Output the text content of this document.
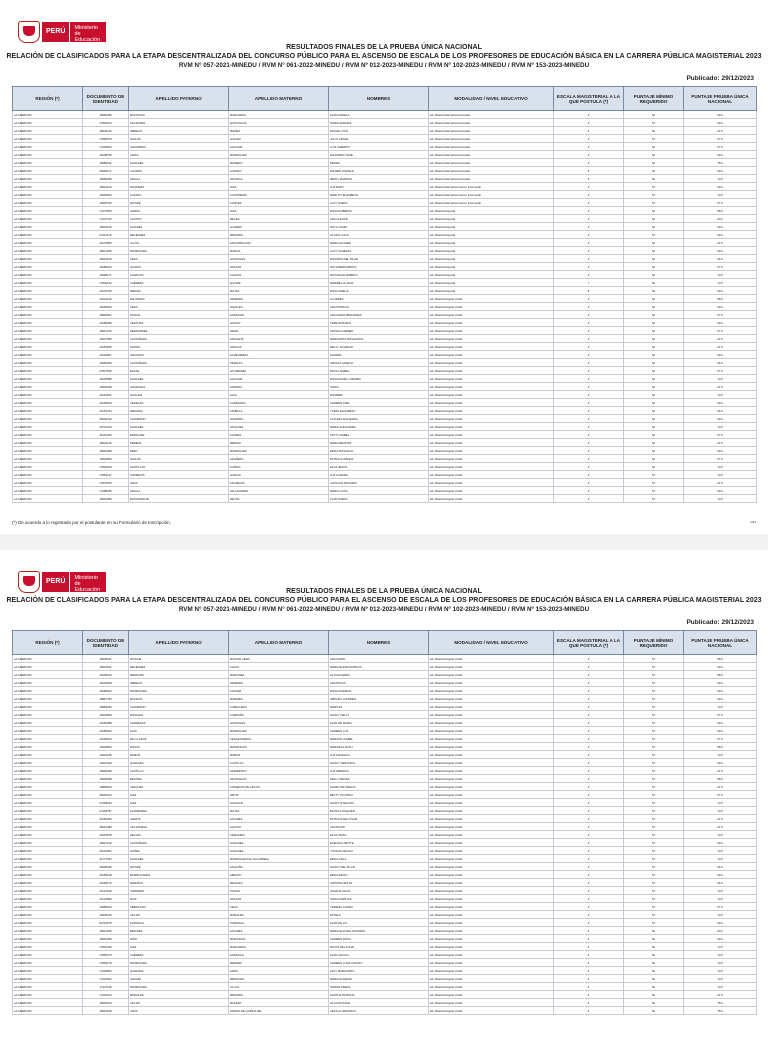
PERÚ	Ministerio de Educación
RESULTADOS FINALES DE LA PRUEBA ÚNICA NACIONAL
RELACIÓN DE CLASIFICADOS PARA LA ETAPA DESCENTRALIZADA DEL CONCURSO PÚBLICO PARA EL ASCENSO DE ESCALA DE LOS PROFESORES DE EDUCACIÓN BÁSICA EN LA CARRERA PÚBLICA MAGISTERIAL 2023
RVM N° 057-2021-MINEDU / RVM N° 061-2022-MINEDU / RVM Nº 012-2023-MINEDU / RVM Nº 102-2023-MINEDU / RVM Nº 153-2023-MINEDU
Publicado: 29/12/2023
REGIÓN (*)	DOCUMENTO DE IDENTIDAD	APELLIDO PATERNO	APELLIDO MATERNO	NOMBRES	MODALIDAD / NIVEL EDUCATIVO	ESCALA MAGISTERIAL A LA QUE POSTULA (*)	PUNTAJE MÍNIMO REQUERIDO	PUNTAJE PRUEBA ÚNICA NACIONAL
LA LIBERTAD	18090086	MONTALVA	MARCHENA	FLOR ANGELA	EA. Básica Alternativa Avanzado	3	54	69.0
LA LIBERTAD	17881194	SILVESTRE	QUIPUSCOA	DORIS AMANDA	EA. Básica Alternativa Avanzado	3	57	69.0
LA LIBERTAD	18033110	OBREGO	IBAÑEZ	MIGUEL IVAN	EA. Básica Alternativa Avanzado	4	60	64.5
LA LIBERTAD	17868578	AVALOS	GALVEZ	JULIO CESAR	EA. Básica Alternativa Avanzado	3	57	67.5
LA LIBERTAD	17929526	CHAVARRIA	AGUILAR	LUIS ALBERTO	EA. Básica Alternativa Avanzado	3	54	67.5
LA LIBERTAD	18138756	ARIAS	RODRIGUEZ	WILFREDO JOSE	EA. Básica Alternativa Avanzado	3	54	69.0
LA LIBERTAD	18085191	SANCHEZ	ROMERO	PEDRO	EA. Básica Alternativa Avanzado	3	54	78.0
LA LIBERTAD	26966171	CUADRA	LOZANO	WILMER OSWALD	EA. Básica Alternativa Avanzado	6	66	69.0
LA LIBERTAD	18089298	ZAVALA	ODONGA	JENNY MARISOL	EA. Básica Alternativa Avanzado	5	60	70.5
LA LIBERTAD	18042160	ROQUERS	DIAZ	LUZ MARY	EA. Básica Alternativa Inicial / Intermedio	3	57	69.0
LA LIBERTAD	19036064	LOZANO	CASTAÑEDA	MARLITT ELIZABETH	EA. Básica Alternativa Inicial / Intermedio	3	57	70.5
LA LIBERTAD	19525790	QUISPE	CORTEZ	LUCY NOEMI	EA. Básica Alternativa Inicial / Intermedio	3	57	57.0
LA LIBERTAD	17974506	HORNA	DIAZ	ROSA ROBERTA	EA. Básica Especial	3	54	58.5
LA LIBERTAD	17937742	CASTRO	REYES	ANA CLEOFÉ	EA. Básica Especial	3	54	63.0
LA LIBERTAD	18094136	ALVAREZ	LINARES	RUTH JANET	EA. Básica Especial	3	54	60.0
LA LIBERTAD	27244175	MELENDEZ	MIRANDA	GLORIA JULIA	EA. Básica Especial	3	57	60.0
LA LIBERTAD	41279055	ULLOA	ENCARNACION	MARIA ESTHER	EA. Básica Especial	3	54	64.5
LA LIBERTAD	18011265	RODRIGUEZ	MURGA	LUCY VANESSA	EA. Básica Especial	3	54	69.0
LA LIBERTAD	18222150	VEGA	GONZALES	ROSARIO DEL PILAR	EA. Básica Especial	3	54	66.0
LA LIBERTAD	18180153	QUIROS	PASTOR	RUTH BERNARDITA	EA. Básica Especial	3	54	67.5
LA LIBERTAD	19098171	ALARCON	CALDAS	ROXANA ELIZABETH	EA. Básica Especial	3	54	70.5
LA LIBERTAD	17836132	CABRERA	QUISPE	MARIBEL LILIANA	EA. Básica Especial	7	60	73.5
LA LIBERTAD	19133766	MEDINA	ROJAS	ROSA AMELIA	EA. Básica Especial	8	69	69.0
LA LIBERTAD	40434129	PALOMINO	PAREDES	LOURDES	EA. Básica Regular Inicial	3	54	58.5
LA LIBERTAD	18168939	VEGA	NAVALES	ANA PATRICIA	EA. Básica Regular Inicial	3	54	60.0
LA LIBERTAD	18993601	PONCE	ESPINOZA	ANA MARIA MERCEDES	EA. Básica Regular Inicial	3	54	67.5
LA LIBERTAD	19188390	VENTURA	HUATAY	TERE ROSARIO	EA. Básica Regular Inicial	3	54	60.0
LA LIBERTAD	18211729	HERNANDEZ	NEIRA	SOPHIA CARMEN	EA. Básica Regular Inicial	3	54	67.0
LA LIBERTAD	19027058	CASTAÑEDA	ZAVALETA	MARGARITA ROSALINDA	EA. Básica Regular Inicial	3	54	64.5
LA LIBERTAD	19153695	ZAPATA	VARGAS	MELLY SOLEDAD	EA. Básica Regular Inicial	3	54	61.5
LA LIBERTAD	19102687	CRUZADO	ECHEVERRIA	SANDRA	EA. Básica Regular Inicial	3	54	69.0
LA LIBERTAD	19065290	CASTAÑEDA	PERALTA	URSULA JANETH	EA. Básica Regular Inicial	3	54	66.0
LA LIBERTAD	27847539	BAZAN	GUTIERREZ	PAOLA ISABEL	EA. Básica Regular Inicial	3	54	57.0
LA LIBERTAD	18138588	SANCHEZ	AGUILAR	ROSANA DEL CARMEN	EA. Básica Regular Inicial	3	54	70.5
LA LIBERTAD	40540188	GONZALES	ZAMORA	SONIA	EA. Básica Regular Inicial	3	54	61.5
LA LIBERTAD	41264931	GUILLEN	ALVA	ROSMERI	EA. Básica Regular Inicial	3	54	70.5
LA LIBERTAD	41299523	VENEGAS	CARDENAS	CARMEN INES	EA. Básica Regular Inicial	3	54	60.0
LA LIBERTAD	42757244	MIRANDA	CRIBILLA	YVETH ELIZABETH	EA. Básica Regular Inicial	3	54	66.0
LA LIBERTAD	26600730	CALDERON	NAVARRO	CLAUDIA ANA MARIA	EA. Básica Regular Inicial	3	54	69.0
LA LIBERTAD	40731316	SANCHEZ	VASQUEZ	MARIA ALEJANDRA	EA. Básica Regular Inicial	3	54	70.5
LA LIBERTAD	45119045	ENRIQUEZ	FLORES	KATTY ISABEL	EA. Básica Regular Inicial	3	54	67.5
LA LIBERTAD	18022116	PEREDA	MEDINA	MARIA BEATRIZ	EA. Básica Regular Inicial	3	54	64.5
LA LIBERTAD	18010098	NERY	RODRIGUEZ	ERIKA ROSANCH	EA. Básica Regular Inicial	3	54	60.0
LA LIBERTAD	70602953	AVALOS	AZAÑERO	PATRICIA WANDA	EA. Básica Regular Inicial	3	54	57.0
LA LIBERTAD	17818229	SANTILLAN	ZUÑIGA	ELGA JESUS	EA. Básica Regular Inicial	3	54	70.5
LA LIBERTAD	17852197	CISNEROS	GARCIA	LUZ AURORA	EA. Básica Regular Inicial	3	57	70.5
LA LIBERTAD	17878205	CRUZ	FIGUEROA	CATALINA ROSARIO	EA. Básica Regular Inicial	3	57	61.5
LA LIBERTAD	17988185	ZAVALA	VALLADARES	MARIA LUISA	EA. Básica Regular Inicial	3	57	69.0
LA LIBERTAD	18010959	BUSTAMANTE	REYNA	FLOR NOEMI	EA. Básica Regular Inicial	3	57	70.5
(*) De acuerdo a lo registrado por el postulante en su Formulario de Inscripción.	1/41
PERÚ	Ministerio de Educación	RESULTADOS FINALES DE LA PRUEBA ÚNICA NACIONAL
RELACIÓN DE CLASIFICADOS PARA LA ETAPA DESCENTRALIZADA DEL CONCURSO PÚBLICO PARA EL ASCENSO DE ESCALA DE LOS PROFESORES DE EDUCACIÓN BÁSICA EN LA CARRERA PÚBLICA MAGISTERIAL 2023
RVM N° 057-2021-MINEDU / RVM N° 061-2022-MINEDU / RVM Nº 012-2023-MINEDU / RVM Nº 102-2023-MINEDU / RVM Nº 153-2023-MINEDU
Publicado: 29/12/2023
REGIÓN (*)	DOCUMENTO DE IDENTIDAD	APELLIDO PATERNO	APELLIDO MATERNO	NOMBRES	MODALIDAD / NIVEL EDUCATIVO	ESCALA MAGISTERIAL A LA QUE POSTULA (*)	PUNTAJE MÍNIMO REQUERIDO	PUNTAJE PRUEBA ÚNICA NACIONAL
LA LIBERTAD	18038341	ATOCHE	RUIZ DE VERA	ANA KARIN	EA. Básica Regular Inicial	3	57	58.5
LA LIBERTAD	18034631	MELENDEZ	CALVO	MARIA ELENA PATRICIA	EA. Básica Regular Inicial	3	57	60.0
LA LIBERTAD	18105106	MENDOZA	MARTINEZ	LETICIA MARIA	EA. Básica Regular Inicial	3	57	58.5
LA LIBERTAD	18135668	OBREGO	PAREDES	ANASTACIA	EA. Básica Regular Inicial	3	57	69.0
LA LIBERTAD	18186502	RODRIGUEZ	CHAVEZ	ROSA MARIANA	EA. Básica Regular Inicial	3	57	60.0
LA LIBERTAD	18887785	MONZON	RAMIREZ	AMPARO LOURDES	EA. Básica Regular Inicial	3	57	69.0
LA LIBERTAD	18983182	CALDERON	CABALLERO	MARITZA	EA. Básica Regular Inicial	3	57	70.5
LA LIBERTAD	19033699	ROSALES	CAMPAÑA	NANCY NELLY	EA. Básica Regular Inicial	3	57	57.0
LA LIBERTAD	19166688	CARDENAS	GONZALES	FLOR DE MARIA	EA. Básica Regular Inicial	3	57	69.0
LA LIBERTAD	19185692	ALVA	RODRIGUEZ	CARMEN LUZ	EA. Básica Regular Inicial	3	57	69.0
LA LIBERTAD	19199610	DE LA CRUZ	VENCESTEBAN	MARISOL ISABEL	EA. Básica Regular Inicial	3	57	57.0
LA LIBERTAD	19249593	ROSAS	MAMATINGO	MARISELA RUTH	EA. Básica Regular Inicial	3	57	58.5
LA LIBERTAD	19322185	RAMOS	RAMOS	LUZ ANGELICA	EA. Básica Regular Inicial	3	57	70.5
LA LIBERTAD	19337629	QUESADA	CASTILLO	NANCY VERONICA	EA. Básica Regular Inicial	3	57	69.0
LA LIBERTAD	19936366	CASTILLO	SARMIENTO	LUZ AMERICA	EA. Básica Regular Inicial	3	57	61.5
LA LIBERTAD	19938098	BENITES	PANTALEON	NELLY NIEVES	EA. Básica Regular Inicial	3	57	58.5
LA LIBERTAD	19899934	VASQUEZ	CISNEROS DE ARCOS	SANDY REYNELDA	EA. Básica Regular Inicial	3	57	61.5
LA LIBERTAD	26693410	DIAZ	ORTIZ	BETTY VICTORIA	EA. Básica Regular Inicial	3	57	57.0
LA LIBERTAD	27068183	DIAZ	SALAZAR	NANCY ETELVINA	EA. Básica Regular Inicial	3	57	73.5
LA LIBERTAD	27418787	FLORENDEZ	ROJAS	BLANCA OSQUIER	EA. Básica Regular Inicial	3	57	70.5
LA LIBERTAD	32450360	ALERTA	ALVAREZ	PATRICIA DEL PILAR	EA. Básica Regular Inicial	3	57	61.5
LA LIBERTAD	35241489	VILLANUEVA	AQUINO	ASUNCION	EA. Básica Regular Inicial	3	57	61.5
LA LIBERTAD	40291878	ZELADA	VERGARAY	ELVIA TANIA	EA. Básica Regular Inicial	3	57	70.5
LA LIBERTAD	40647126	CASTAÑEDA	SANCHEZ	EVELINA LIZETTE	EA. Básica Regular Inicial	3	57	69.0
LA LIBERTAD	41044991	NUÑEZ	SANCHEZ	YOVANA CECILIA	EA. Básica Regular Inicial	3	57	70.5
LA LIBERTAD	41777032	SANCHEZ	RODRIGUEZ DE VILLARREAL	ERICA ANLA	EA. Básica Regular Inicial	3	57	70.5
LA LIBERTAD	41838436	QUISPE	ESQUIÑA	NANCY DEL PILAR	EA. Básica Regular Inicial	3	57	66.0
LA LIBERTAD	41955128	MURRUGARRA	ABANTO	ERICA EDITH	EA. Básica Regular Inicial	3	57	60.0
LA LIBERTAD	42295170	MARIÑOS	RENGIFO	CRISTINA EDITH	EA. Básica Regular Inicial	3	57	66.0
LA LIBERTAD	42716646	CORDERO	PONCE	JOHANA SILVIA	EA. Básica Regular Inicial	3	57	70.5
LA LIBERTAD	42724589	RUIZ	PASTOR	SONIA MARITZA	EA. Básica Regular Inicial	3	57	70.5
LA LIBERTAD	42989520	SEBASTIAN	VEGA	YESENIA CHARO	EA. Básica Regular Inicial	3	57	57.0
LA LIBERTAD	42905126	VILLAR	MORALES	ESTELA	EA. Básica Regular Inicial	3	57	70.5
LA LIBERTAD	82743675	PURISACA	PURISACA	FLOR DE LIZ	EA. Básica Regular Inicial	3	57	60.0
LA LIBERTAD	18012945	BRIONES	ALVAREZ	MARIA ELIA DEL ROSARIO	EA. Básica Regular Inicial	4	60	63.0
LA LIBERTAD	18051599	NIÑO	BARTURAN	CARMEN ROSA	EA. Básica Regular Inicial	4	60	69.0
LA LIBERTAD	17818436	DIAZ	MARCHENA	ROCIO DEL PILAR	EA. Básica Regular Inicial	4	60	73.5
LA LIBERTAD	17855479	CABRERA	ESPINOLA	FLOR CECILIA	EA. Básica Regular Inicial	4	60	70.5
LA LIBERTAD	17859179	RODRIGUEZ	MENDEZ	CARMEN LUCILA ROCIO	EA. Básica Regular Inicial	4	60	70.5
LA LIBERTAD	17909962	QUEZADA	ARNA	ZOLY MARGARITA	EA. Básica Regular Inicial	4	60	70.5
LA LIBERTAD	17916822	CHAVEZ	MENDOZA	MARIA EUGENIA	EA. Básica Regular Inicial	4	60	70.5
LA LIBERTAD	17927118	RODRIGUEZ	ULLOA	NORMA FREDA	EA. Básica Regular Inicial	4	60	70.5
LA LIBERTAD	17932516	MORALES	MIRANDA	SANTHA PATRICIA	EA. Básica Regular Inicial	4	60	61.5
LA LIBERTAD	18015513	VILLAR	MOLERT	OLGA ROXANA	EA. Básica Regular Inicial	4	60	78.0
LA LIBERTAD	18012628	CRUZ	ZAPATA DE QUIÑIOLIZE	CECILIA VERONICA	EA. Básica Regular Inicial	4	60	78.0
